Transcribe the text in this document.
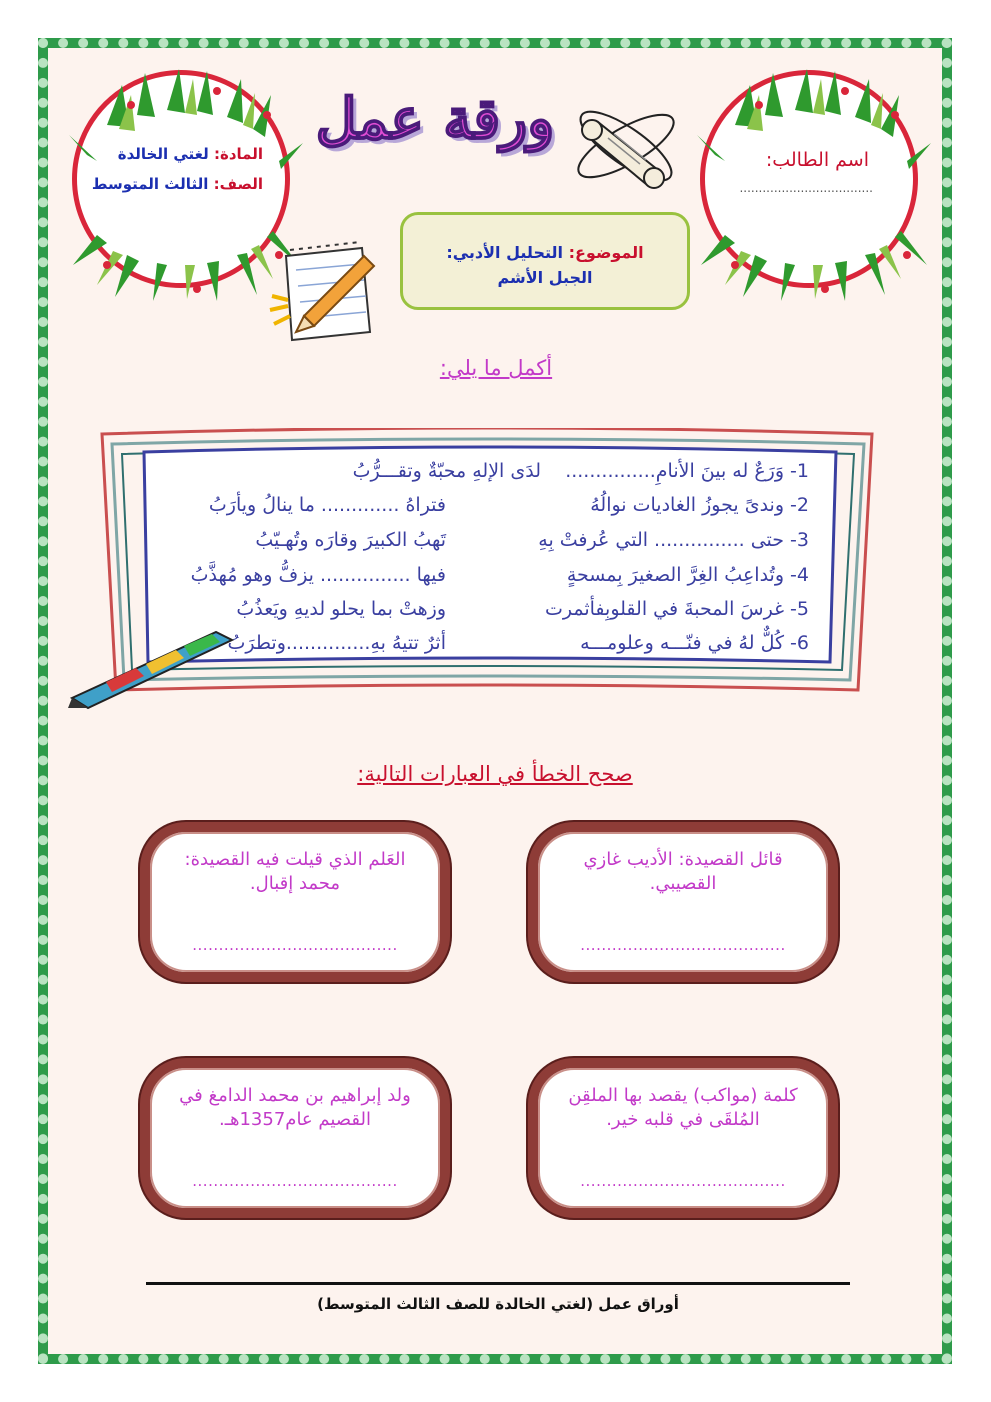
المادة: لغتي الخالدة
الصف: الثالث المتوسط
اسم الطالب:
...................................
ورقة عمل
الموضوع: التحليل الأدبي:
الجبل الأشم
أكمل ما يلي:
1- وَرَعٌ له بينَ الأنامِ...............
لدَى الإلهِ محبّةٌ وتقـــرُّبُ
2- وندىً يجوزُ الغاديات نوالُهُ
فتراهُ ............. ما ينالُ ويأرَبُ
3- حتى ............... التي عُرفتْ بِهِ
تَهبُ الكبيرَ وقارَه وتُهـيّبُ
4- وتُداعِبُ الغِرَّ الصغيرَ بِمسحةٍ
فيها ............... يزفُّ وهو مُهذَّبُ
5- غرسَ المحبةَ في القلوبِفأثمرت
وزهتْ بما يحلو لديهِ ويَعذُبُ
6- كُلٌّ لهُ في فنّـــه وعلومـــه
أثرٌ تتيهُ بهِ..............وتطرَبُ
صحح الخطأ في العبارات التالية:
قائل القصيدة: الأديب غازي القصيبي.
.......................................
العَلم الذي قيلت فيه القصيدة: محمد إقبال.
.......................................
كلمة (مواكب) يقصد بها الملقِن المُلقَى في قلبه خير.
.......................................
ولد إبراهيم بن محمد الدامغ في القصيم عام1357هـ.
.......................................
أوراق عمل (لغتي الخالدة للصف الثالث المتوسط)
